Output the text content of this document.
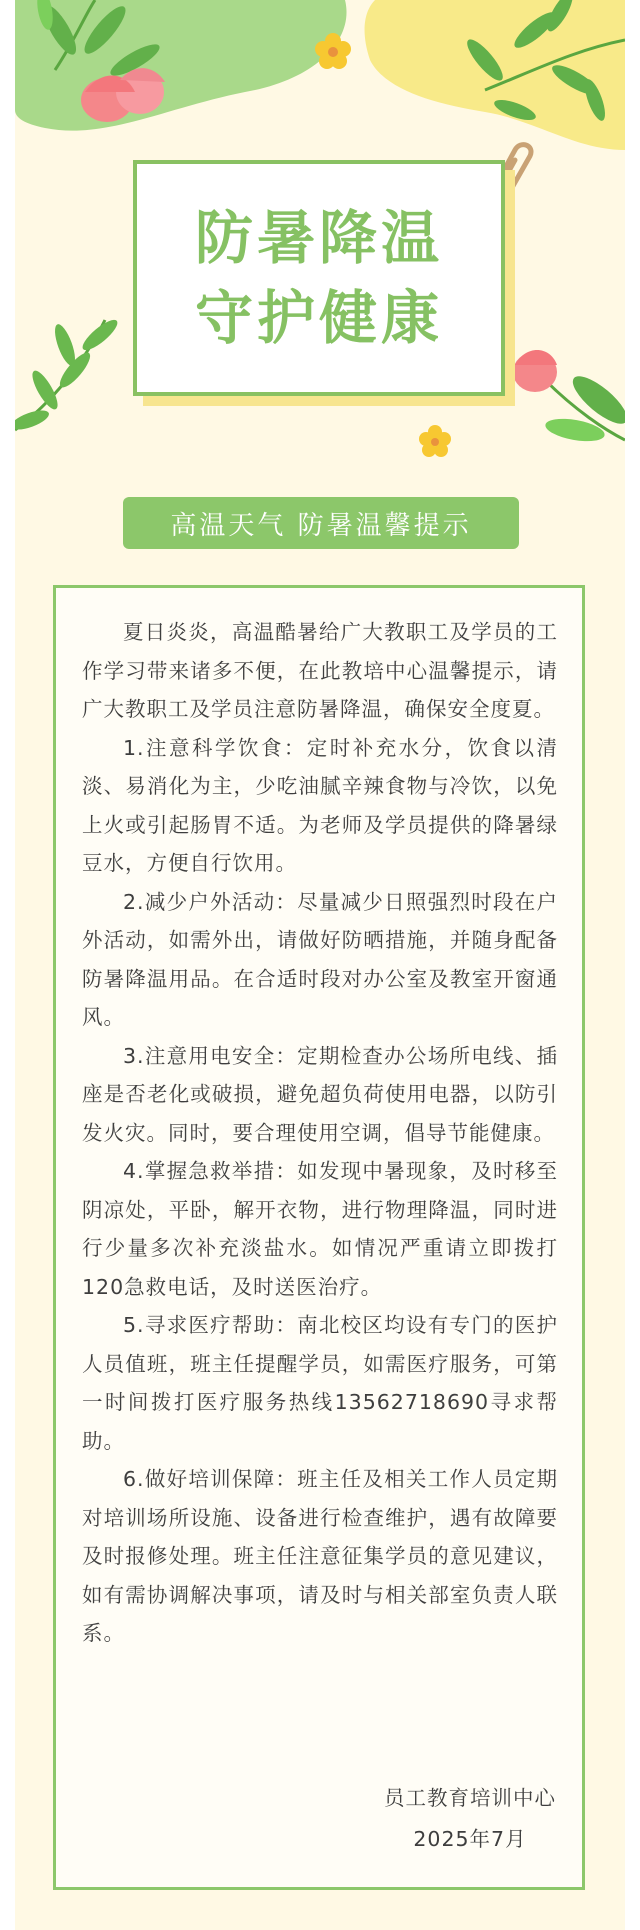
防暑降温
守护健康
高温天气 防暑温馨提示

夏日炎炎，高温酷暑给广大教职工及学员的工作学习带来诸多不便，在此教培中心温馨提示，请广大教职工及学员注意防暑降温，确保安全度夏。

1.注意科学饮食：定时补充水分，饮食以清淡、易消化为主，少吃油腻辛辣食物与冷饮，以免上火或引起肠胃不适。为老师及学员提供的降暑绿豆水，方便自行饮用。

2.减少户外活动：尽量减少日照强烈时段在户外活动，如需外出，请做好防晒措施，并随身配备防暑降温用品。在合适时段对办公室及教室开窗通风。

3.注意用电安全：定期检查办公场所电线、插座是否老化或破损，避免超负荷使用电器，以防引发火灾。同时，要合理使用空调，倡导节能健康。

4.掌握急救举措：如发现中暑现象，及时移至阴凉处，平卧，解开衣物，进行物理降温，同时进行少量多次补充淡盐水。如情况严重请立即拨打120急救电话，及时送医治疗。

5.寻求医疗帮助：南北校区均设有专门的医护人员值班，班主任提醒学员，如需医疗服务，可第一时间拨打医疗服务热线13562718690寻求帮助。

6.做好培训保障：班主任及相关工作人员定期对培训场所设施、设备进行检查维护，遇有故障要及时报修处理。班主任注意征集学员的意见建议，如有需协调解决事项，请及时与相关部室负责人联系。

员工教育培训中心
2025年7月
